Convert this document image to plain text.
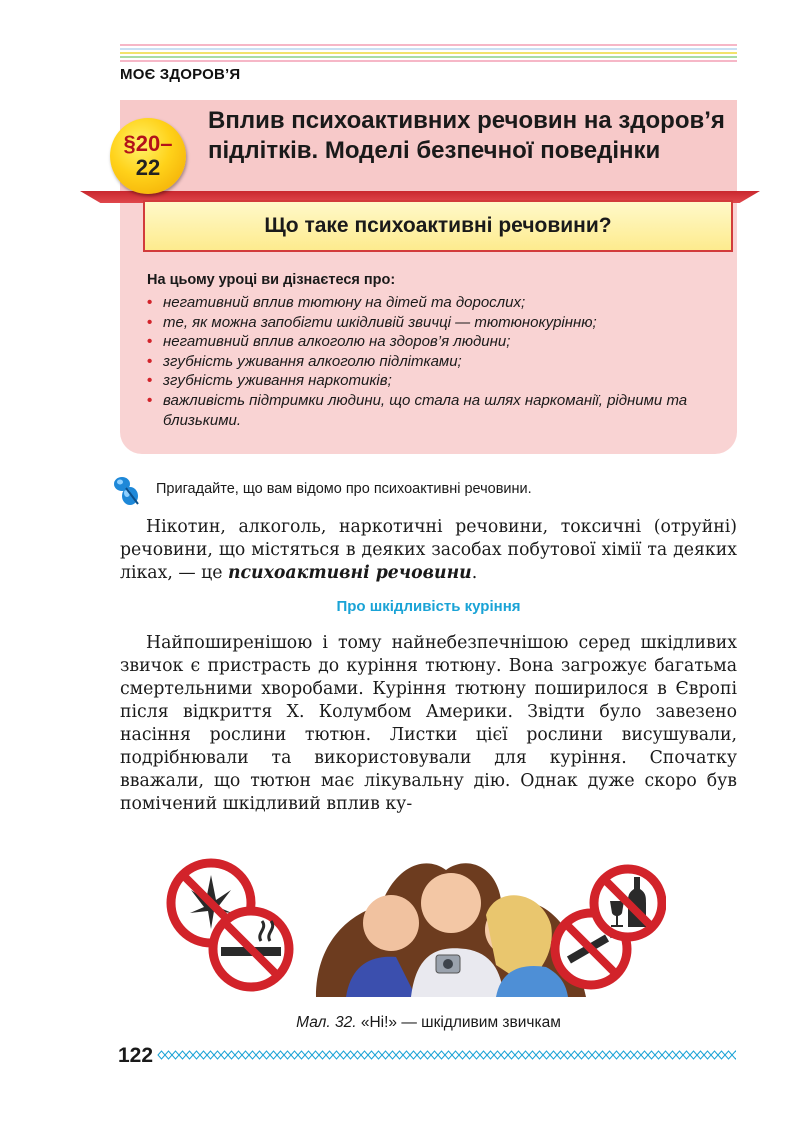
МОЄ ЗДОРОВ’Я
§20–
22
Вплив психоактивних речовин на здоров’я підлітків. Моделі безпечної поведінки
Що таке психоактивні речовини?
На цьому уроці ви дізнаєтеся про:
• негативний вплив тютюну на дітей та дорослих;
• те, як можна запобігти шкідливій звичці — тютюнокурінню;
• негативний вплив алкоголю на здоров’я людини;
• згубність уживання алкоголю підлітками;
• згубність уживання наркотиків;
• важливість підтримки людини, що стала на шлях наркоманії, рідними та близькими.
Пригадайте, що вам відомо про психоактивні речовини.

Нікотин, алкоголь, наркотичні речовини, токсичні (отруйні) речовини, що містяться в деяких засобах побутової хімії та деяких ліках, — це психоактивні речовини.

Про шкідливість куріння

Найпоширенішою і тому найнебезпечнішою серед шкідливих звичок є пристрасть до куріння тютюну. Вона загрожує багатьма смертельними хворобами. Куріння тютюну поширилося в Європі після відкриття Х. Колумбом Америки. Звідти було завезено насіння рослини тютюн. Листки цієї рослини висушували, подрібнювали та використовували для куріння. Спочатку вважали, що тютюн має лікувальну дію. Однак дуже скоро був помічений шкідливий вплив ку-

Мал. 32. «Ні!» — шкідливим звичкам
122
